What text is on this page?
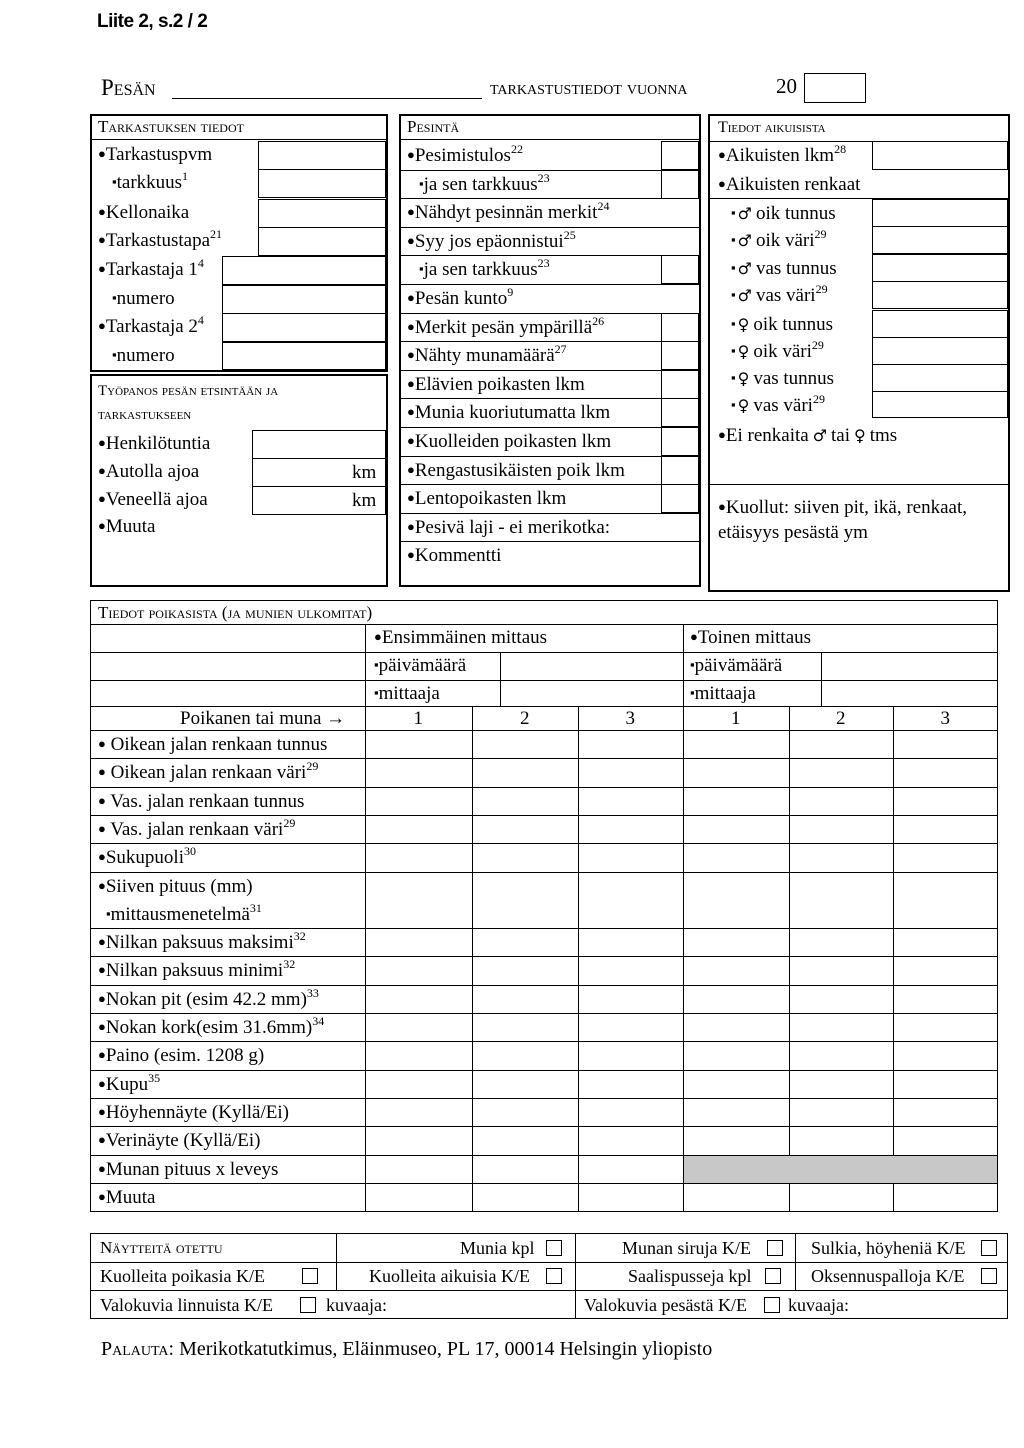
Liite 2, s.2 / 2
Pesän	tarkastustiedot vuonna	20
Tarkastuksen tiedot
●Tarkastuspvm
▪tarkkuus$^1$
●Kellonaika
●Tarkastustapa$^{21}$
●Tarkastaja $1^4$
▪numero
●Tarkastaja $2^4$
▪numero
Työpanos pesän etsintään ja
tarkastukseen
●Henkilötuntia
●Autolla ajoa	km
●Veneellä ajoa	km
●Muuta
Pesintä
●Pesimistulos$^{22}$
▪ja sen tarkkuus$^{23}$
●Nähdyt pesinnän merkit$^{24}$
●Syy jos epäonnistui$^{25}$
▪ja sen tarkkuus$^{23}$
●Pesän kunto$^9$
●Merkit pesän ympärillä$^{26}$
●Nähty munamäärä$^{27}$
●Elävien poikasten lkm
●Munia kuoriutumatta lkm
●Kuolleiden poikasten lkm
●Rengastusikäisten poik lkm
●Lentopoikasten lkm
●Pesivä laji - ei merikotka:
●Kommentti
Tiedot aikuisista
●Aikuisten lkm$^{28}$
●Aikuisten renkaat
▪ ♂ oik tunnus
▪ ♂ oik väri$^{29}$
▪ ♂ vas tunnus
▪ ♂ vas väri$^{29}$
▪ ♀ oik tunnus
▪ ♀ oik väri$^{29}$
▪ ♀ vas tunnus
▪ ♀ vas väri$^{29}$
●Ei renkaita ♂ tai ♀ tms
●Kuollut: siiven pit, ikä, renkaat,
etäisyys pesästä ym
Tiedot poikasista (ja munien ulkomitat)
●Ensimmäinen mittaus	●Toinen mittaus
▪päivämäärä	▪päivämäärä
▪mittaaja	▪mittaaja
Poikanen tai muna →	1	2	3	1	2	3
● Oikean jalan renkaan tunnus
● Oikean jalan renkaan väri$^{29}$
● Vas. jalan renkaan tunnus
● Vas. jalan renkaan väri$^{29}$
●Sukupuoli$^{30}$
●Siiven pituus (mm)
▪mittausmenetelmä$^{31}$
●Nilkan paksuus maksimi$^{32}$
●Nilkan paksuus minimi$^{32}$
●Nokan pit (esim 42.2 mm)$^{33}$
●Nokan kork(esim 31.6mm)$^{34}$
●Paino (esim. 1208 g)
●Kupu$^{35}$
●Höyhennäyte (Kyllä/Ei)
●Verinäyte (Kyllä/Ei)
●Munan pituus x leveys
●Muuta
Näytteitä otettu	Munia kpl	Munan siruja K/E	Sulkia, höyheniä K/E
Kuolleita poikasia K/E	Kuolleita aikuisia K/E	Saalispusseja kpl	Oksennuspalloja K/E
Valokuvia linnuista K/E	kuvaaja:	Valokuvia pesästä K/E kuvaaja:
Palauta: Merikotkatutkimus, Eläinmuseo, PL 17, 00014 Helsingin yliopisto
